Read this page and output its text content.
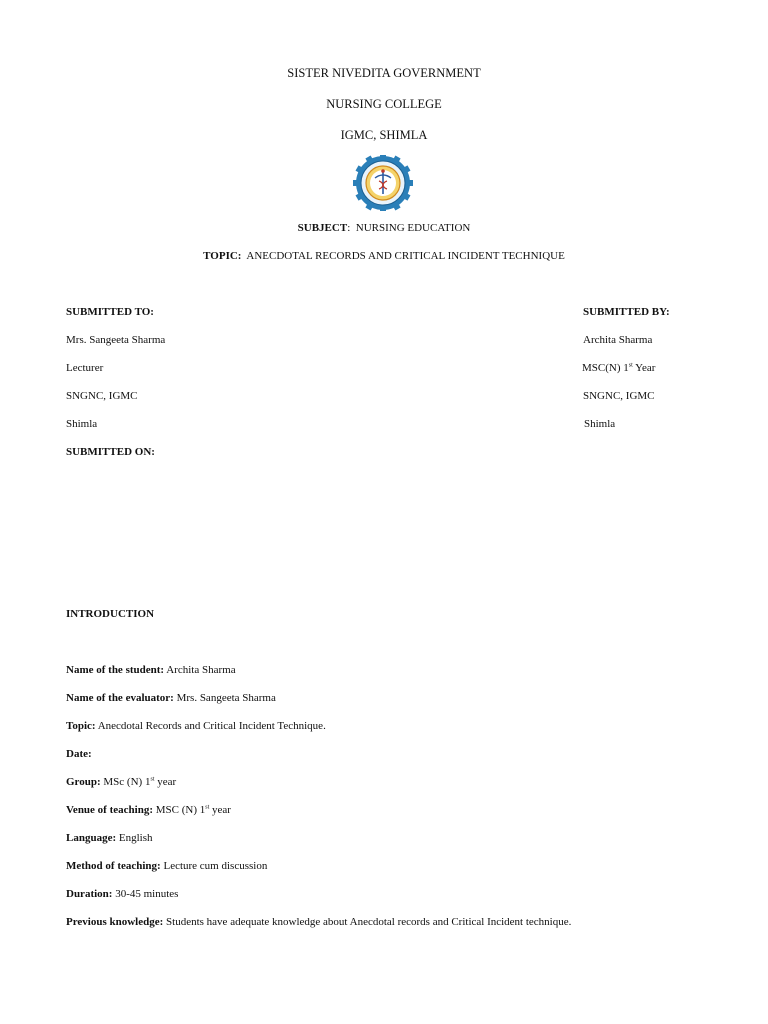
SISTER NIVEDITA GOVERNMENT
NURSING COLLEGE
IGMC, SHIMLA
SUBJECT:  NURSING EDUCATION
TOPIC: ANECDOTAL RECORDS AND CRITICAL INCIDENT TECHNIQUE
SUBMITTED TO:
Mrs. Sangeeta Sharma
Lecturer
SNGNC, IGMC
Shimla
SUBMITTED BY:
Archita Sharma
MSC(N) 1st Year
SNGNC, IGMC
Shimla
SUBMITTED ON:
INTRODUCTION
Name of the student: Archita Sharma
Name of the evaluator: Mrs. Sangeeta Sharma
Topic: Anecdotal Records and Critical Incident Technique.
Date:
Group: MSc (N) 1st year
Venue of teaching: MSC (N) 1st year
Language: English
Method of teaching: Lecture cum discussion
Duration: 30-45 minutes
Previous knowledge: Students have adequate knowledge about Anecdotal records and Critical Incident technique.
